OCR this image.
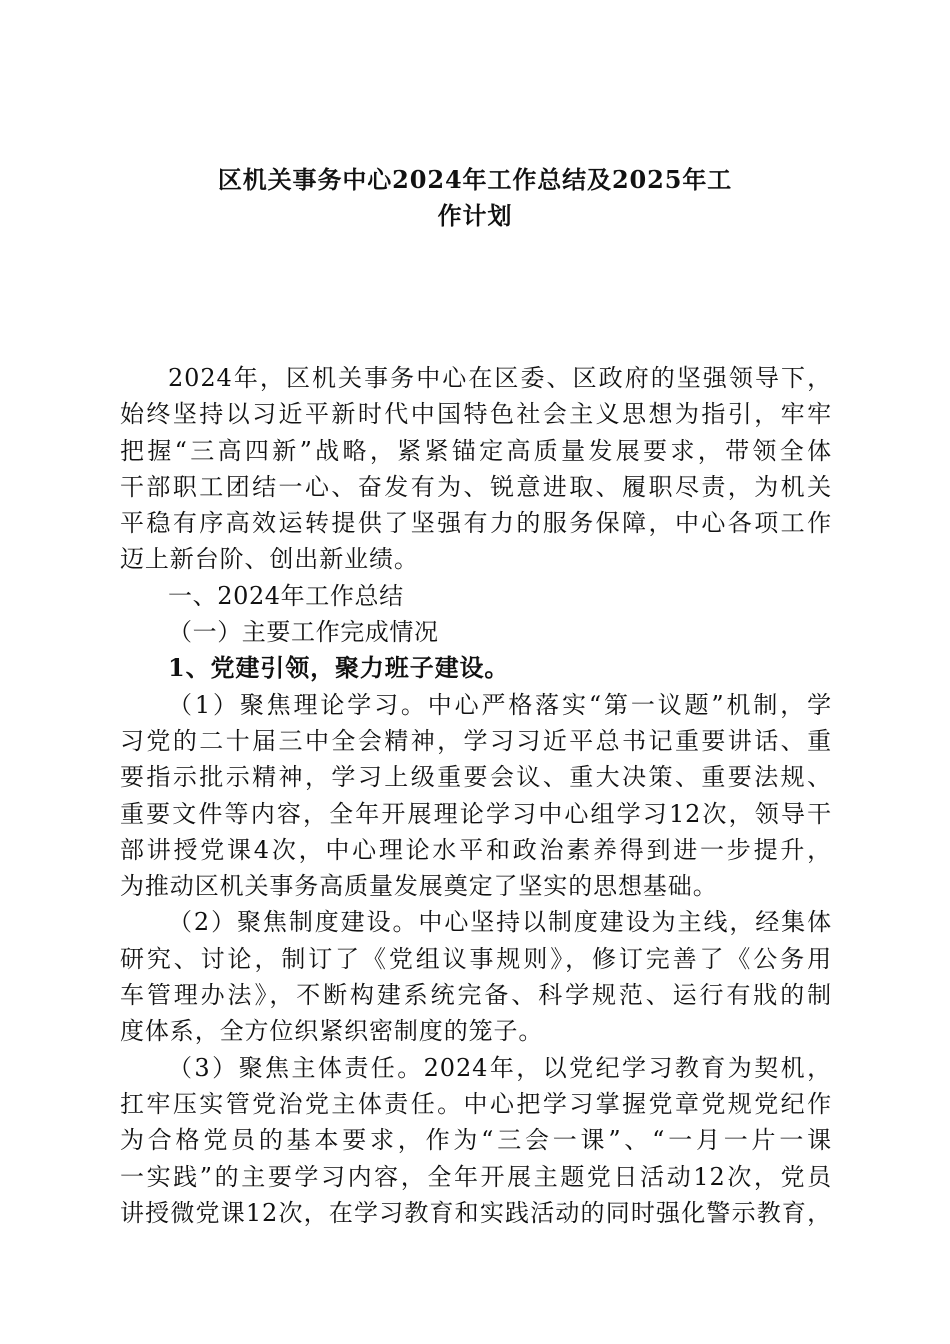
区机关事务中心2024年工作总结及2025年工
作计划
2024年，区机关事务中心在区委、区政府的坚强领导下，
始终坚持以习近平新时代中国特色社会主义思想为指引，牢牢
把握“三高四新”战略，紧紧锚定高质量发展要求，带领全体
干部职工团结一心、奋发有为、锐意进取、履职尽责，为机关
平稳有序高效运转提供了坚强有力的服务保障，中心各项工作
迈上新台阶、创出新业绩。
一、2024年工作总结
（一）主要工作完成情况
1、党建引领，聚力班子建设。
（1）聚焦理论学习。中心严格落实“第一议题”机制，学
习党的二十届三中全会精神，学习习近平总书记重要讲话、重
要指示批示精神，学习上级重要会议、重大决策、重要法规、
重要文件等内容，全年开展理论学习中心组学习12次，领导干
部讲授党课4次，中心理论水平和政治素养得到进一步提升，
为推动区机关事务高质量发展奠定了坚实的思想基础。
（2）聚焦制度建设。中心坚持以制度建设为主线，经集体
研究、讨论，制订了《党组议事规则》，修订完善了《公务用
车管理办法》，不断构建系统完备、科学规范、运行有戕的制
度体系，全方位织紧织密制度的笼子。
（3）聚焦主体责任。2024年，以党纪学习教育为契机，
扛牢压实管党治党主体责任。中心把学习掌握党章党规党纪作
为合格党员的基本要求，作为“三会一课”、“一月一片一课
一实践”的主要学习内容，全年开展主题党日活动12次，党员
讲授微党课12次，在学习教育和实践活动的同时强化警示教育，
